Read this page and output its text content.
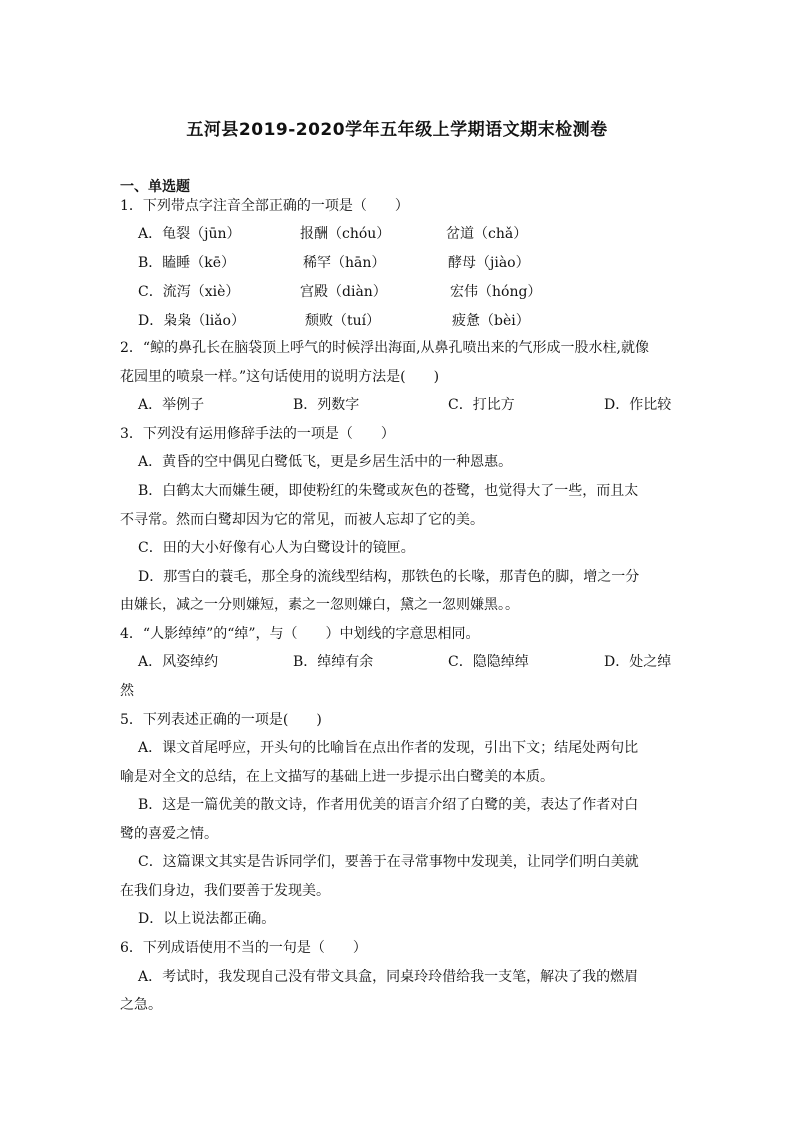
五河县2019-2020学年五年级上学期语文期末检测卷
一、单选题
1．下列带点字注音全部正确的一项是（　　）
A．龟裂（jūn）	报酬（chóu）	岔道（chǎ）
B．瞌睡（kē）	稀罕（hān）	酵母（jiào）
C．流泻（xiè）	宫殿（diàn）	宏伟（hóng）
D．枭枭（liǎo）	颓败（tuí）	疲惫（bèi）
2．“鲸的鼻孔长在脑袋顶上呼气的时候浮出海面,从鼻孔喷出来的气形成一股水柱,就像
花园里的喷泉一样。”这句话使用的说明方法是(　　)
A．举例子	B．列数字	C．打比方	D．作比较
3．下列没有运用修辞手法的一项是（　　）
A．黄昏的空中偶见白鹭低飞，更是乡居生活中的一种恩惠。
B．白鹤太大而嫌生硬，即使粉红的朱鹭或灰色的苍鹭，也觉得大了一些，而且太
不寻常。然而白鹭却因为它的常见，而被人忘却了它的美。
C．田的大小好像有心人为白鹭设计的镜匣。
D．那雪白的蓑毛，那全身的流线型结构，那铁色的长喙，那青色的脚，增之一分
由嫌长，减之一分则嫌短，素之一忽则嫌白，黛之一忽则嫌黑。。
4．“人影绰绰”的“绰”，与（　　）中划线的字意思相同。
A．风姿绰约	B．绰绰有余	C．隐隐绰绰	D．处之绰
然
5．下列表述正确的一项是(　　)
A．课文首尾呼应，开头句的比喻旨在点出作者的发现，引出下文；结尾处两句比
喻是对全文的总结，在上文描写的基础上进一步提示出白鹭美的本质。
B．这是一篇优美的散文诗，作者用优美的语言介绍了白鹭的美，表达了作者对白
鹭的喜爱之情。
C．这篇课文其实是告诉同学们，要善于在寻常事物中发现美，让同学们明白美就
在我们身边，我们要善于发现美。
D．以上说法都正确。
6．下列成语使用不当的一句是（　　）
A．考试时，我发现自己没有带文具盒，同桌玲玲借给我一支笔，解决了我的燃眉
之急。
